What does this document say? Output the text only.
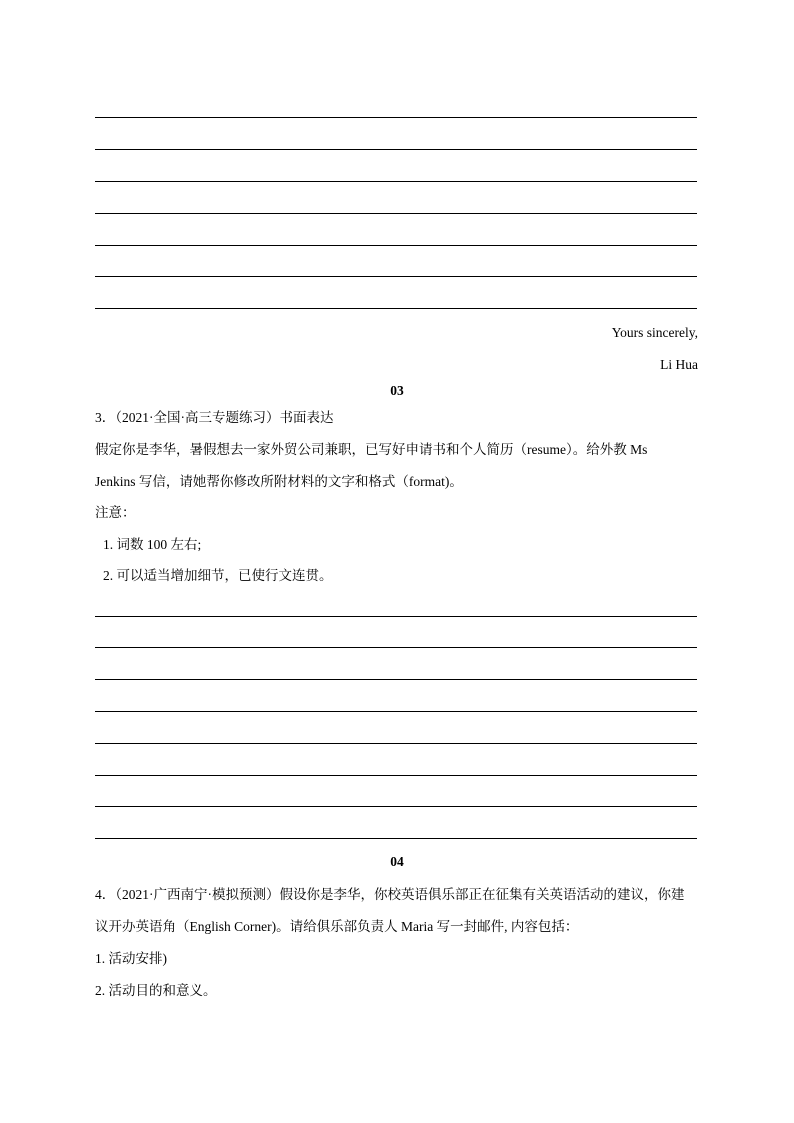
Yours sincerely,
Li Hua
03
3．（2021·全国·高三专题练习）书面表达
假定你是李华，暑假想去一家外贸公司兼职，已写好申请书和个人简历（resume）。给外教 Ms
Jenkins 写信，请她帮你修改所附材料的文字和格式（format)。
注意：
1. 词数 100 左右;
2. 可以适当增加细节，已使行文连贯。
04
4．（2021·广西南宁·模拟预测）假设你是李华，你校英语俱乐部正在征集有关英语活动的建议，你建
议开办英语角（English Corner)。请给俱乐部负责人 Maria 写一封邮件, 内容包括：
1. 活动安排)
2. 活动目的和意义。
